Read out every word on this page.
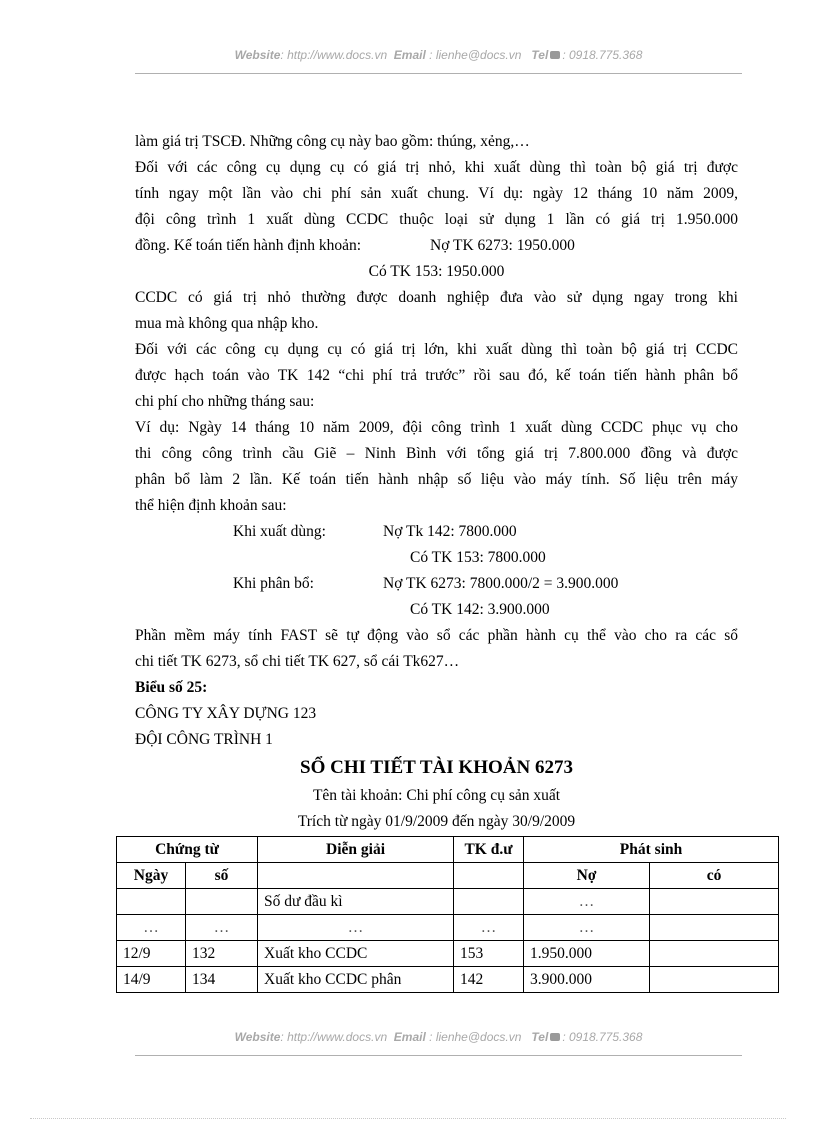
Website: http://www.docs.vn Email : lienhe@docs.vn Tel : 0918.775.368
làm giá trị TSCĐ. Những công cụ này bao gồm: thúng, xẻng,…
Đối với các công cụ dụng cụ có giá trị nhỏ, khi xuất dùng thì toàn bộ giá trị được
tính ngay một lần vào chi phí sản xuất chung. Ví dụ: ngày 12 tháng 10 năm 2009,
đội công trình 1 xuất dùng CCDC thuộc loại sử dụng 1 lần có giá trị 1.950.000
đồng. Kế toán tiến hành định khoản:	Nợ TK 6273: 1950.000
Có TK 153: 1950.000
CCDC có giá trị nhỏ thường được doanh nghiệp đưa vào sử dụng ngay trong khi
mua mà không qua nhập kho.
Đối với các công cụ dụng cụ có giá trị lớn, khi xuất dùng thì toàn bộ giá trị CCDC
được hạch toán vào TK 142 “chi phí trả trước” rồi sau đó, kế toán tiến hành phân bổ
chi phí cho những tháng sau:
Ví dụ: Ngày 14 tháng 10 năm 2009, đội công trình 1 xuất dùng CCDC phục vụ cho
thi công công trình cầu Giẽ – Ninh Bình với tổng giá trị 7.800.000 đồng và được
phân bổ làm 2 lần. Kế toán tiến hành nhập số liệu vào máy tính. Số liệu trên máy
thể hiện định khoản sau:
Khi xuất dùng:	Nợ Tk 142: 7800.000
Có TK 153: 7800.000
Khi phân bổ:	Nợ TK 6273: 7800.000/2 = 3.900.000
Có TK 142: 3.900.000
Phần mềm máy tính FAST sẽ tự động vào sổ các phần hành cụ thể vào cho ra các sổ
chi tiết TK 6273, sổ chi tiết TK 627, sổ cái Tk627…
Biểu số 25:
CÔNG TY XÂY DỰNG 123
ĐỘI CÔNG TRÌNH 1
SỔ CHI TIẾT TÀI KHOẢN 6273
Tên tài khoản: Chi phí công cụ sản xuất
Trích từ ngày 01/9/2009 đến ngày 30/9/2009
Chứng từ		Diễn giải	TK đ.ư	Phát sinh	
Ngày	số			Nợ	có
		Số dư đầu kì		…	
…	…	…	…	…	
12/9	132	Xuất kho CCDC	153	1.950.000	
14/9	134	Xuất kho CCDC phân	142	3.900.000	
Website: http://www.docs.vn Email : lienhe@docs.vn Tel : 0918.775.368
